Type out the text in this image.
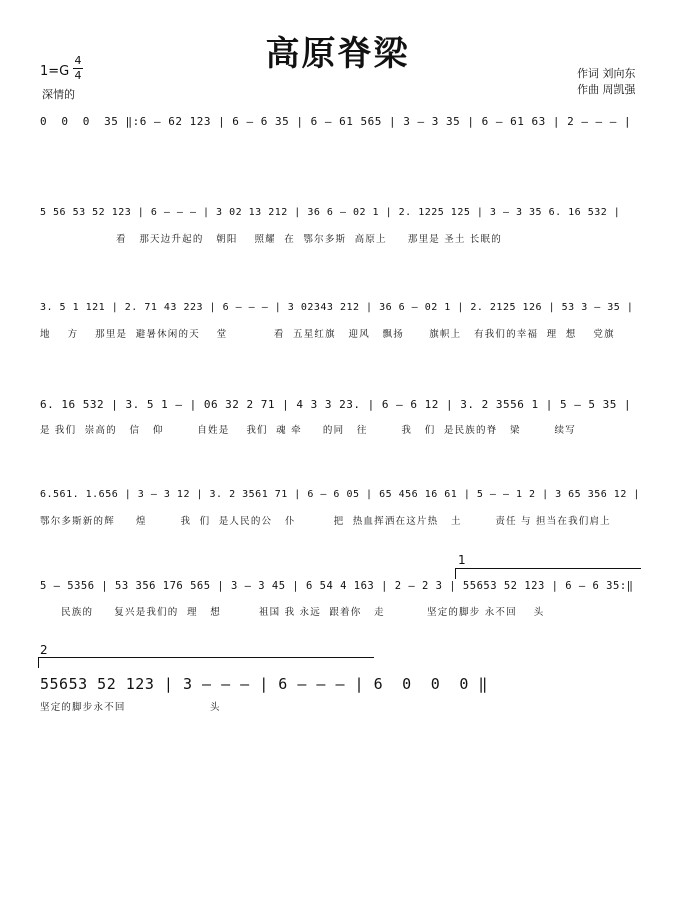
高原脊梁
1=G
4
4
深情的
作词 刘向东
作曲 周凯强
0  0  0  35 ‖:6 – 62 123 | 6 – 6 35 | 6 – 61 565 | 3 – 3 35 | 6 – 61 63 | 2 – – – |
5 56 53 52 123 | 6 – – – | 3 02 13 212 | 36 6 – 02 1 | 2. 1225 125 | 3 – 3 35 6. 16 532 |
看   那天边升起的   朝阳    照耀  在  鄂尔多斯  高原上     那里是 圣土 长眠的
3. 5 1 121 | 2. 71 43 223 | 6 – – – | 3 02343 212 | 36 6 – 02 1 | 2. 2125 126 | 53 3 – 35 |
地    方    那里是  避暑休闲的天    堂           看  五星红旗   迎风   飘扬      旗帜上   有我们的幸福  理  想    党旗
6. 16 532 | 3. 5 1 – | 06 32 2 71 | 4 3 3 23. | 6 – 6 12 | 3. 2 3556 1 | 5 – 5 35 |
是 我们  崇高的   信   仰        自姓是    我们  魂 牵     的同   往        我   们  是民族的脊   梁        续写
6.561. 1.656 | 3 – 3 12 | 3. 2 3561 71 | 6 – 6 05 | 65 456 16 61 | 5 – – 1 2 | 3 65 356 12 |
鄂尔多斯新的辉     煌        我  们  是人民的公   仆         把  热血挥洒在这片热   土        责任 与 担当在我们肩上
1
5 – 5356 | 53 356 176 565 | 3 – 3 45 | 6 54 4 163 | 2 – 2 3 | 55653 52 123 | 6 – 6 35:‖
民族的     复兴是我们的  理   想         祖国 我 永远  跟着你   走          坚定的脚步 永不回    头
2
55653 52 123 | 3 – – – | 6 – – – | 6  0  0  0 ‖
坚定的脚步永不回                    头
